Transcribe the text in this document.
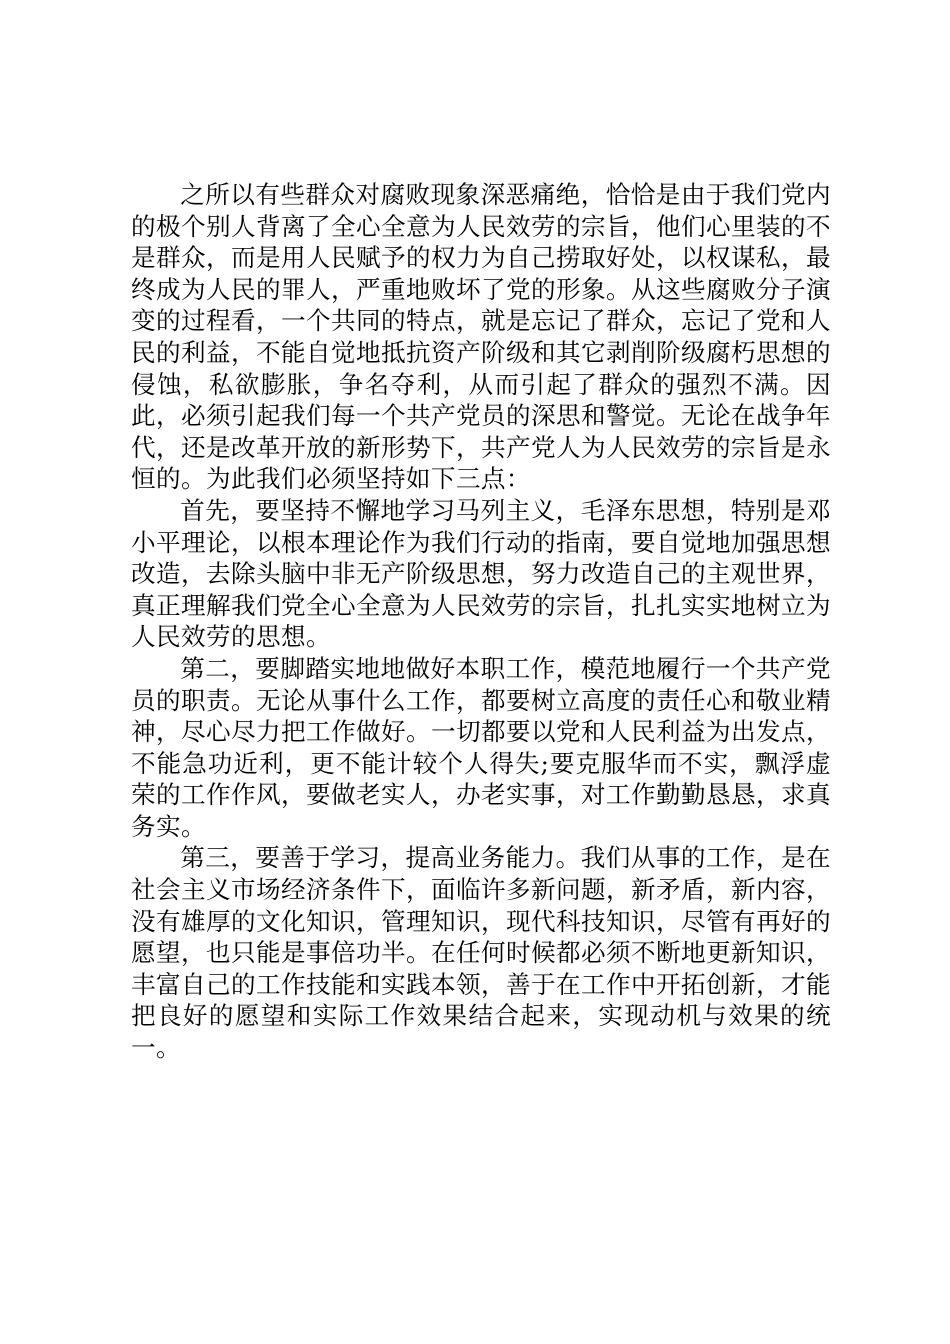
之所以有些群众对腐败现象深恶痛绝，恰恰是由于我们党内的极个别人背离了全心全意为人民效劳的宗旨，他们心里装的不是群众，而是用人民赋予的权力为自己捞取好处，以权谋私，最终成为人民的罪人，严重地败坏了党的形象。从这些腐败分子演变的过程看，一个共同的特点，就是忘记了群众，忘记了党和人民的利益，不能自觉地抵抗资产阶级和其它剥削阶级腐朽思想的侵蚀，私欲膨胀，争名夺利，从而引起了群众的强烈不满。因此，必须引起我们每一个共产党员的深思和警觉。无论在战争年代，还是改革开放的新形势下，共产党人为人民效劳的宗旨是永恒的。为此我们必须坚持如下三点：

首先，要坚持不懈地学习马列主义，毛泽东思想，特别是邓小平理论，以根本理论作为我们行动的指南，要自觉地加强思想改造，去除头脑中非无产阶级思想，努力改造自己的主观世界，真正理解我们党全心全意为人民效劳的宗旨，扎扎实实地树立为人民效劳的思想。

第二，要脚踏实地地做好本职工作，模范地履行一个共产党员的职责。无论从事什么工作，都要树立高度的责任心和敬业精神，尽心尽力把工作做好。一切都要以党和人民利益为出发点，不能急功近利，更不能计较个人得失;要克服华而不实，飘浮虚荣的工作作风，要做老实人，办老实事，对工作勤勤恳恳，求真务实。

第三，要善于学习，提高业务能力。我们从事的工作，是在社会主义市场经济条件下，面临许多新问题，新矛盾，新内容，没有雄厚的文化知识，管理知识，现代科技知识，尽管有再好的愿望，也只能是事倍功半。在任何时候都必须不断地更新知识，丰富自己的工作技能和实践本领，善于在工作中开拓创新，才能把良好的愿望和实际工作效果结合起来，实现动机与效果的统一。
